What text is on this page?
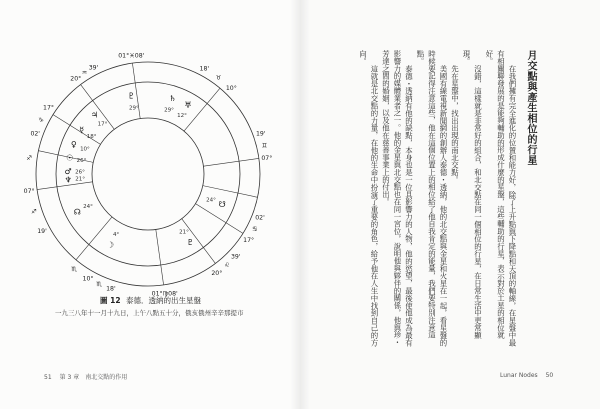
01°♓08'
20°
♒
39'
17°
♑
02'
♐
07°
♐
19'
♏
10°
♏
18'
01°♍08'
20°
♌
39'
17°
♋
02'
07°
♊
19'
10°
♉
18'
♇
29°
♄
29°
♅
12°
♃
17°
☿
18°
♀
10°
☉ 26°
♂ 26°
♆ 21°
☊
24°
☽
4°
♇
21°
☋
24°
圖 12 泰德．透納的出生星盤
一九三八年十一月十九日，上午八點五十分，俄亥俄州辛辛那提市
51 第 3 章　南北交點的作用	Lunar Nodes 50
月交點與產生相位的行星

在我們擁有完全進化的位置和能力好，除了上升點與下降點和天頂的軸線，在星盤中最有相關聯發展的是能夠輔助的形成什麼的星盤，這些輔助的行星，表示對於土星的相位就好。

沒錯，這樣就是非常好的組合，和北交點在同一個相位的行星，在日常生活中更常顯現。

先在星盤中，找出出現的南北交點。

美國有線電視新聞網的創辦人泰德・透納，他的北交點與金星和火星在一起，看星盤的時候要記得注意這些，他在這個位置上的相位給了他自我肯定的能量，我們要特別注意這點。

泰德・透納有他的缺點，本身也是一位具影響力的人物，他的慾望，最後使他成為最有影響力的媒體業者之一。他的金星與北交點也在同一宮位，說明他與夥伴的關係，他與珍・芳達之間的婚姻，以及他在慈善事業上的付出。

這就是北交點的力量，在他的生命中扮演了重要的角色，給予他在人生中找到自己的方向。
